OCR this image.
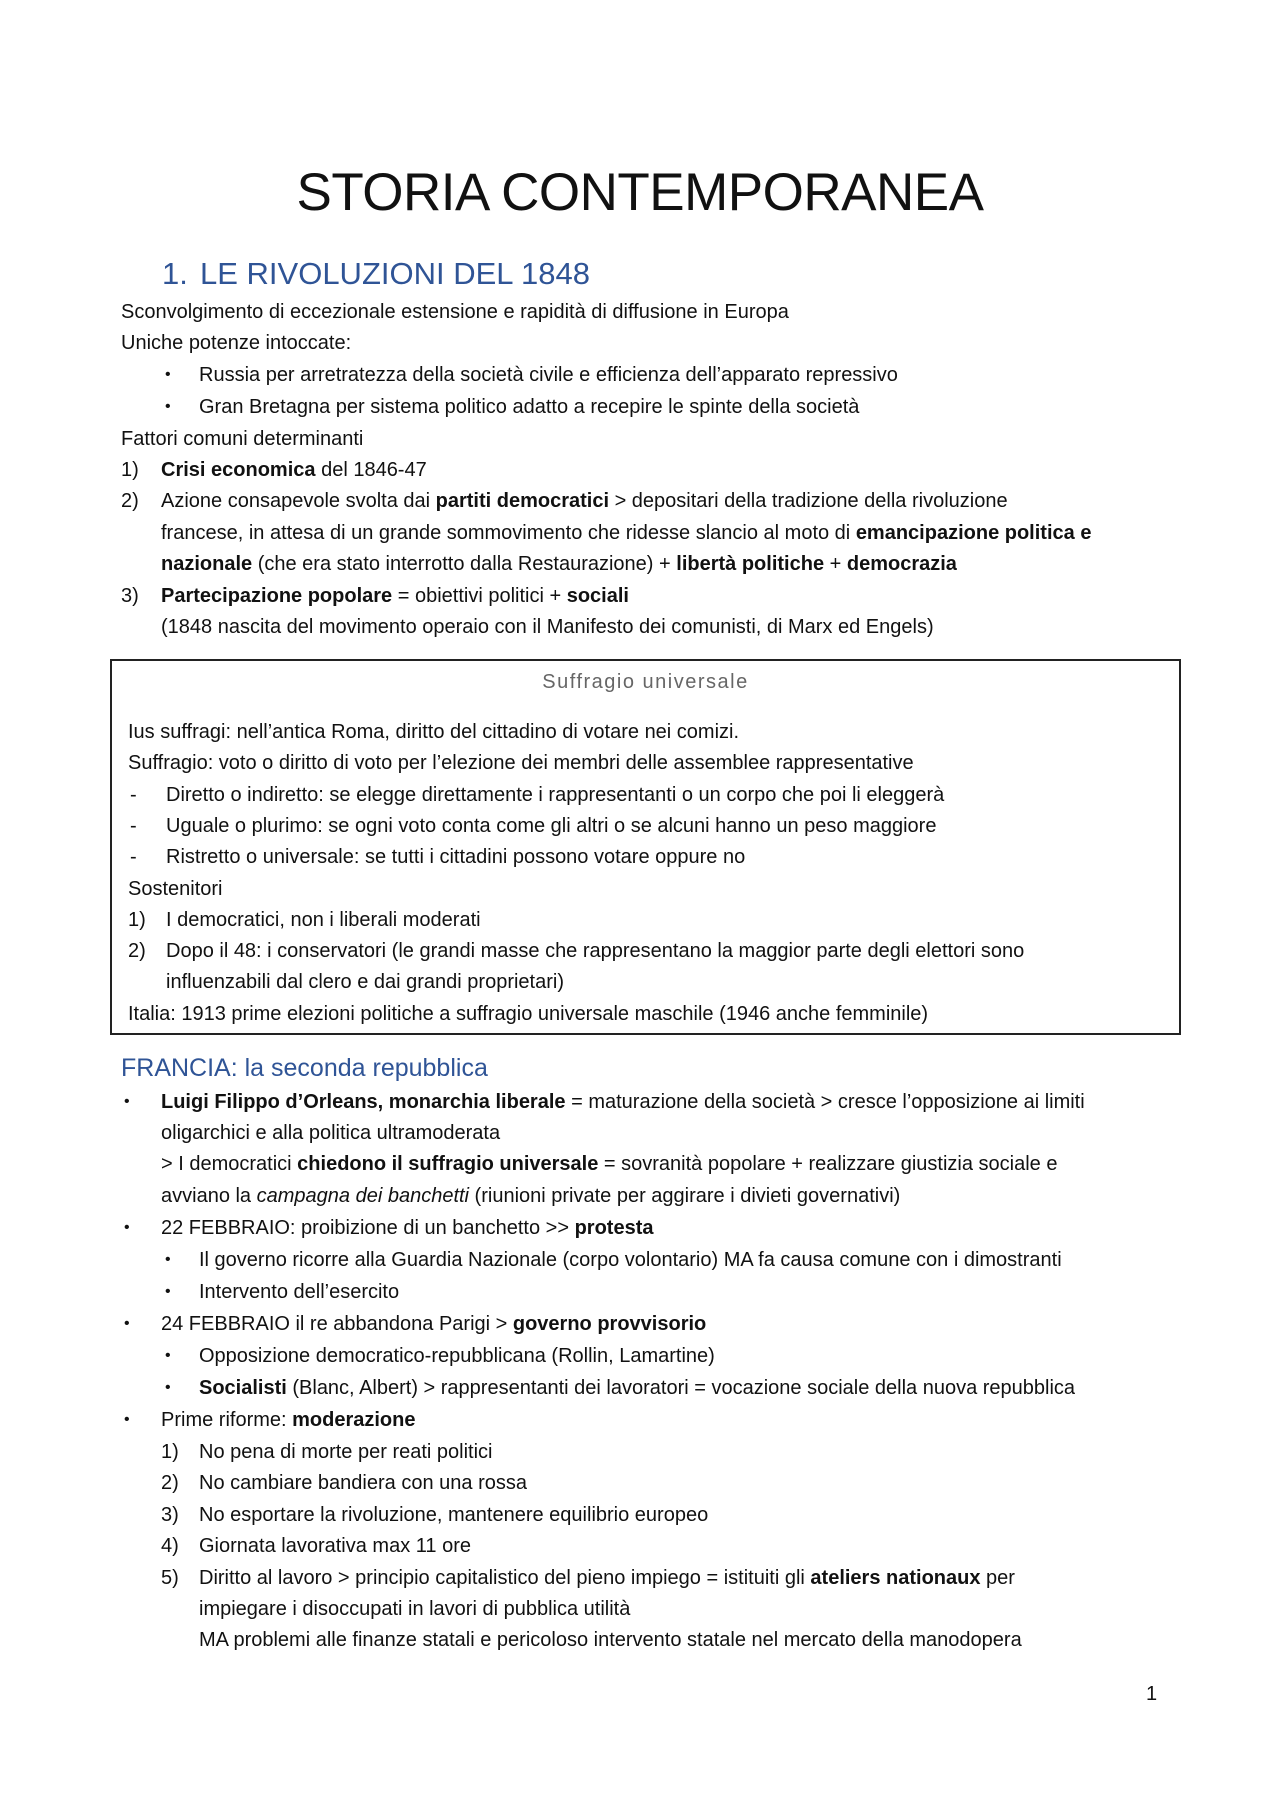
STORIA CONTEMPORANEA
1. LE RIVOLUZIONI DEL 1848
Sconvolgimento di eccezionale estensione e rapidità di diffusione in Europa
Uniche potenze intoccate:
• Russia per arretratezza della società civile e efficienza dell’apparato repressivo
• Gran Bretagna per sistema politico adatto a recepire le spinte della società
Fattori comuni determinanti
1) Crisi economica del 1846-47
2) Azione consapevole svolta dai partiti democratici > depositari della tradizione della rivoluzione
francese, in attesa di un grande sommovimento che ridesse slancio al moto di emancipazione politica e
nazionale (che era stato interrotto dalla Restaurazione) + libertà politiche + democrazia
3) Partecipazione popolare = obiettivi politici + sociali
(1848 nascita del movimento operaio con il Manifesto dei comunisti, di Marx ed Engels)
Suffragio universale
Ius suffragi: nell’antica Roma, diritto del cittadino di votare nei comizi.
Suffragio: voto o diritto di voto per l’elezione dei membri delle assemblee rappresentative
- Diretto o indiretto: se elegge direttamente i rappresentanti o un corpo che poi li eleggerà
- Uguale o plurimo: se ogni voto conta come gli altri o se alcuni hanno un peso maggiore
- Ristretto o universale: se tutti i cittadini possono votare oppure no
Sostenitori
1) I democratici, non i liberali moderati
2) Dopo il 48: i conservatori (le grandi masse che rappresentano la maggior parte degli elettori sono
influenzabili dal clero e dai grandi proprietari)
Italia: 1913 prime elezioni politiche a suffragio universale maschile (1946 anche femminile)
FRANCIA: la seconda repubblica
• Luigi Filippo d’Orleans, monarchia liberale = maturazione della società > cresce l’opposizione ai limiti
oligarchici e alla politica ultramoderata
> I democratici chiedono il suffragio universale = sovranità popolare + realizzare giustizia sociale e
avviano la campagna dei banchetti (riunioni private per aggirare i divieti governativi)
• 22 FEBBRAIO: proibizione di un banchetto >> protesta
• Il governo ricorre alla Guardia Nazionale (corpo volontario) MA fa causa comune con i dimostranti
• Intervento dell’esercito
• 24 FEBBRAIO il re abbandona Parigi > governo provvisorio
• Opposizione democratico-repubblicana (Rollin, Lamartine)
• Socialisti (Blanc, Albert) > rappresentanti dei lavoratori = vocazione sociale della nuova repubblica
• Prime riforme: moderazione
1) No pena di morte per reati politici
2) No cambiare bandiera con una rossa
3) No esportare la rivoluzione, mantenere equilibrio europeo
4) Giornata lavorativa max 11 ore
5) Diritto al lavoro > principio capitalistico del pieno impiego = istituiti gli ateliers nationaux per
impiegare i disoccupati in lavori di pubblica utilità
MA problemi alle finanze statali e pericoloso intervento statale nel mercato della manodopera
1
